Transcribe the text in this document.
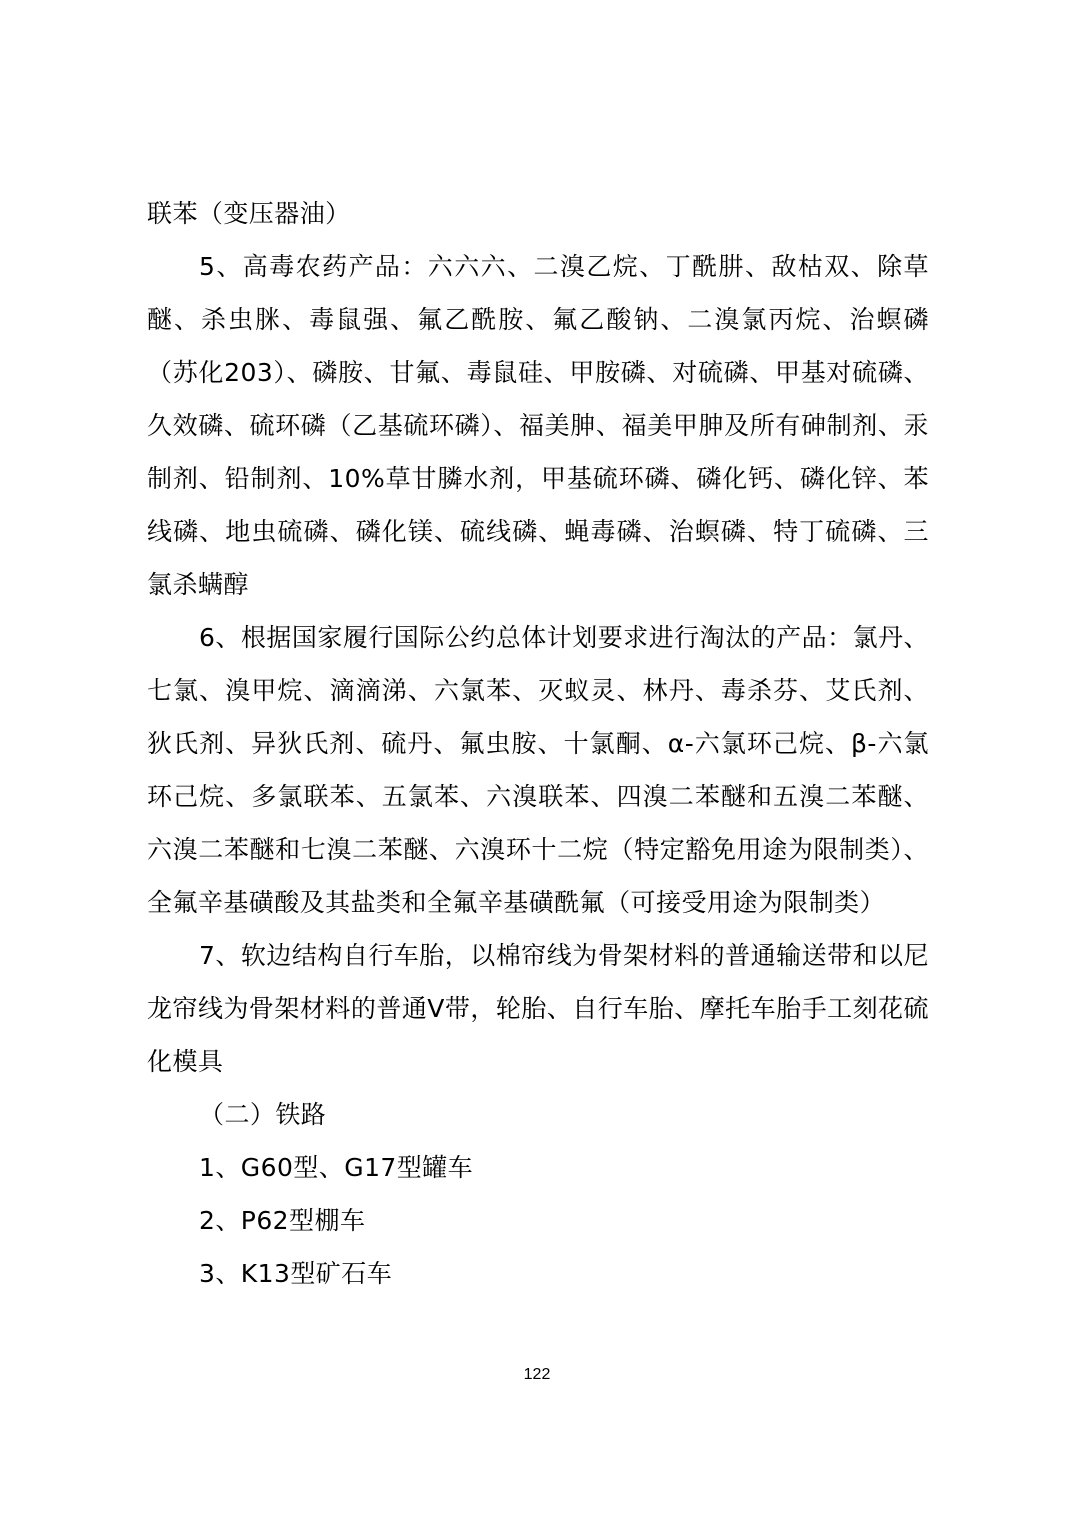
联苯（变压器油）

5、高毒农药产品：六六六、二溴乙烷、丁酰肼、敌枯双、除草醚、杀虫脒、毒鼠强、氟乙酰胺、氟乙酸钠、二溴氯丙烷、治螟磷（苏化203）、磷胺、甘氟、毒鼠硅、甲胺磷、对硫磷、甲基对硫磷、久效磷、硫环磷（乙基硫环磷）、福美胂、福美甲胂及所有砷制剂、汞制剂、铅制剂、10%草甘膦水剂，甲基硫环磷、磷化钙、磷化锌、苯线磷、地虫硫磷、磷化镁、硫线磷、蝇毒磷、治螟磷、特丁硫磷、三氯杀螨醇

6、根据国家履行国际公约总体计划要求进行淘汰的产品：氯丹、七氯、溴甲烷、滴滴涕、六氯苯、灭蚁灵、林丹、毒杀芬、艾氏剂、狄氏剂、异狄氏剂、硫丹、氟虫胺、十氯酮、α-六氯环己烷、β-六氯环己烷、多氯联苯、五氯苯、六溴联苯、四溴二苯醚和五溴二苯醚、六溴二苯醚和七溴二苯醚、六溴环十二烷（特定豁免用途为限制类）、全氟辛基磺酸及其盐类和全氟辛基磺酰氟（可接受用途为限制类）

7、软边结构自行车胎，以棉帘线为骨架材料的普通输送带和以尼龙帘线为骨架材料的普通V带，轮胎、自行车胎、摩托车胎手工刻花硫化模具

（二）铁路

1、G60型、G17型罐车

2、P62型棚车

3、K13型矿石车

122
